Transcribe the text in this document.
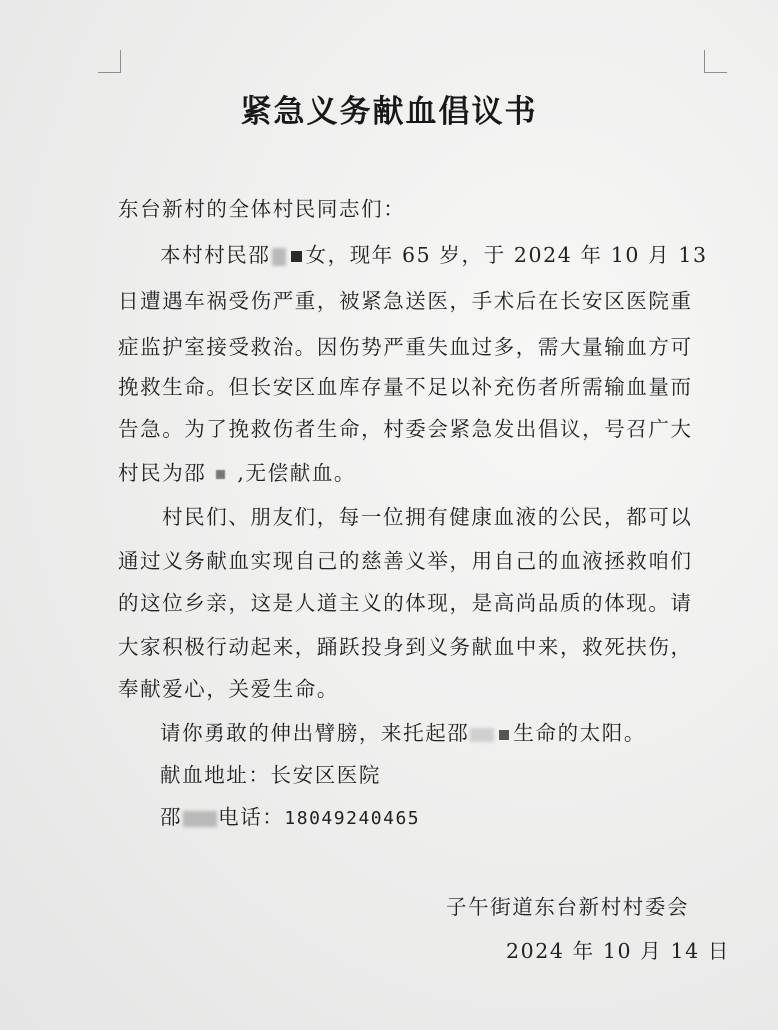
紧急义务献血倡议书
东台新村的全体村民同志们：
本村村民邵 女，现年 65 岁，于 2024 年 10 月 13
日遭遇车祸受伤严重，被紧急送医，手术后在长安区医院重
症监护室接受救治。因伤势严重失血过多，需大量输血方可
挽救生命。但长安区血库存量不足以补充伤者所需输血量而
告急。为了挽救伤者生命，村委会紧急发出倡议，号召广大
村民为邵 ,无偿献血。
村民们、朋友们，每一位拥有健康血液的公民，都可以
通过义务献血实现自己的慈善义举，用自己的血液拯救咱们
的这位乡亲，这是人道主义的体现，是高尚品质的体现。请
大家积极行动起来，踊跃投身到义务献血中来，救死扶伤，
奉献爱心，关爱生命。
请你勇敢的伸出臂膀，来托起邵 生命的太阳。
献血地址：长安区医院
邵 电话：18049240465
子午街道东台新村村委会
2024 年 10 月 14 日
